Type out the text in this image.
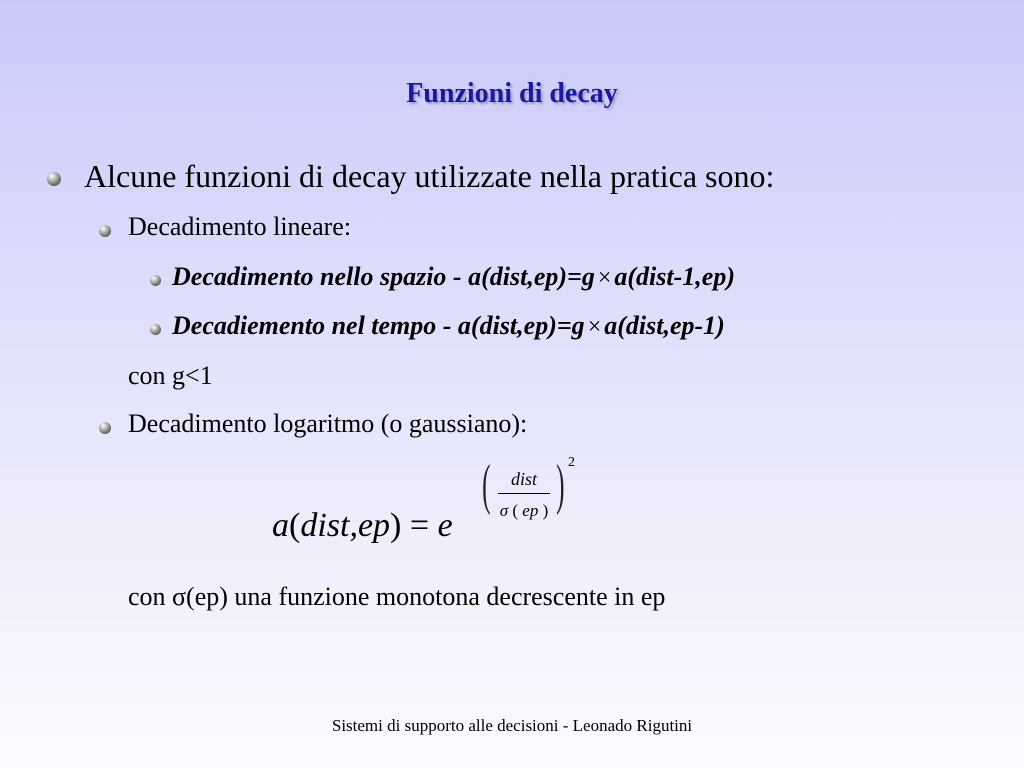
Funzioni di decay
Alcune funzioni di decay utilizzate nella pratica sono:
Decadimento lineare:
Decadimento nello spazio - a(dist,ep)=g × a(dist-1,ep)
Decadiemento nel tempo - a(dist,ep)=g × a(dist,ep-1)
con g<1
Decadimento logaritmo (o gaussiano):
a(dist,ep) = e
(	dist
σ ( ep ) ) 2
con σ(ep) una funzione monotona decrescente in ep
Sistemi di supporto alle decisioni - Leonado Rigutini
